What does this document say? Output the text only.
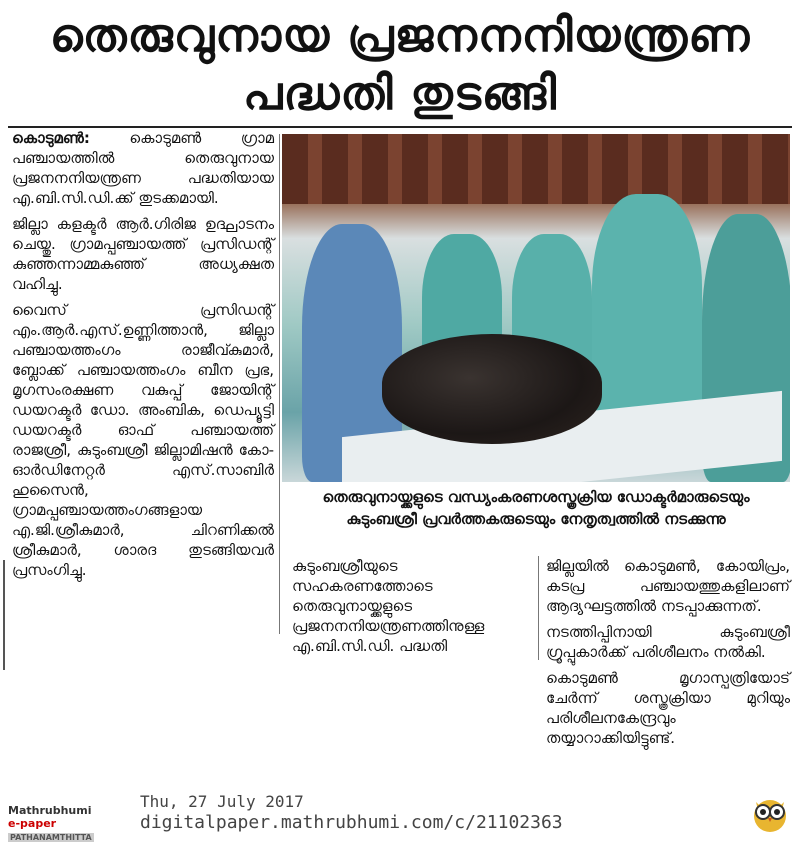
തെരുവുനായ പ്രജനനനിയന്ത്രണ
പദ്ധതി തുടങ്ങി

കൊടുമൺ:	കൊടുമൺ ഗ്രാമ പഞ്ചായത്തിൽ തെരുവുനായ പ്രജനനനിയന്ത്രണ പദ്ധതിയായ എ.ബി.സി.ഡി.ക്ക് തുടക്കമായി.

ജില്ലാ കളക്ടർ ആർ.ഗിരിജ ഉദ്ഘാടനം ചെയ്തു. ഗ്രാമപ്പഞ്ചായത്ത് പ്രസിഡന്റ് കുഞ്ഞന്നാമ്മകുഞ്ഞ് അധ്യക്ഷത വഹിച്ചു.

വൈസ് പ്രസിഡന്റ് എം.ആർ.എസ്.ഉണ്ണിത്താൻ, ജില്ലാ പഞ്ചായത്തംഗം രാജീവ്കുമാർ, ബ്ലോക്ക് പഞ്ചായത്തംഗം ബീന പ്രഭ, മൃഗസംരക്ഷണ വകുപ്പ് ജോയിന്റ് ഡയറക്ടർ ഡോ. അംബിക, ഡെപ്യൂട്ടി ഡയറക്ടർ ഓഫ് പഞ്ചായത്ത് രാജശ്രീ, കുടുംബശ്രീ ജില്ലാമിഷൻ കോ-ഓർഡിനേറ്റർ എസ്.സാബിർ ഹുസൈൻ, ഗ്രാമപ്പഞ്ചായത്തംഗങ്ങളായ എ.ജി.ശ്രീകുമാർ, ചിറണിക്കൽ ശ്രീകുമാർ, ശാരദ തുടങ്ങിയവർ പ്രസംഗിച്ചു.

തെരുവുനായ്ക്കളുടെ വന്ധ്യംകരണശസ്ത്രക്രിയ ഡോക്ടർമാരുടെയും
കുടുംബശ്രീ പ്രവർത്തകരുടെയും നേതൃത്വത്തിൽ നടക്കുന്നു

കുടുംബശ്രീയുടെ സഹകരണത്തോടെ തെരുവുനായ്ക്കളുടെ പ്രജനനനിയന്ത്രണത്തിനുള്ള എ.ബി.സി.ഡി. പദ്ധതി

ജില്ലയിൽ കൊടുമൺ, കോയിപ്രം, കടപ്ര പഞ്ചായത്തുകളിലാണ് ആദ്യഘട്ടത്തിൽ നടപ്പാക്കുന്നത്.

നടത്തിപ്പിനായി കുടുംബശ്രീ ഗ്രൂപ്പുകാർക്ക് പരിശീലനം നൽകി.

കൊടുമൺ മൃഗാസ്പത്രിയോട് ചേർന്ന് ശസ്ത്രക്രിയാ മുറിയും പരിശീലനകേന്ദ്രവും തയ്യാറാക്കിയിട്ടുണ്ട്.

Mathrubhumi
e-paper PATHANAMTHITTA
Thu, 27 July 2017
digitalpaper.mathrubhumi.com/c/21102363
